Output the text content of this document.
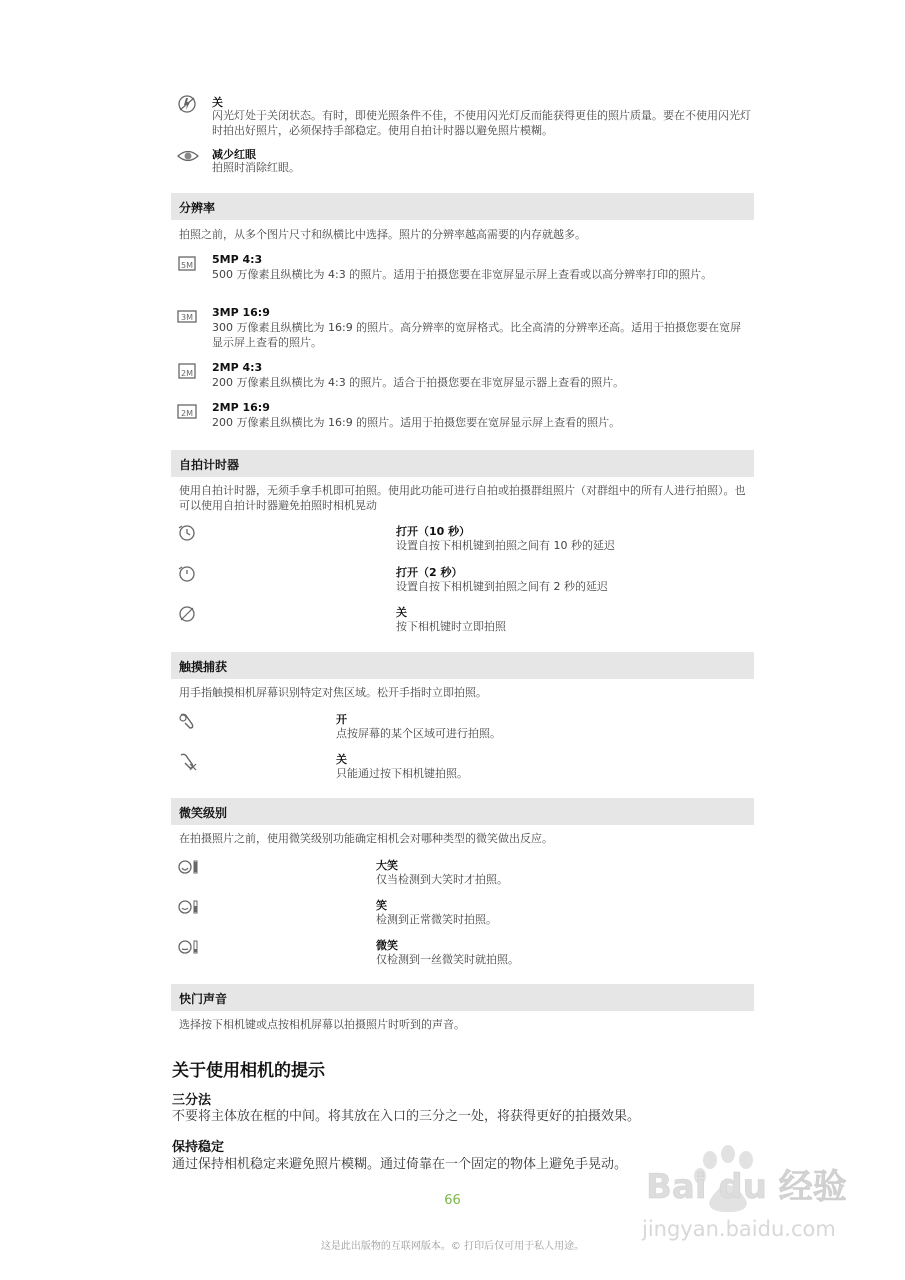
关
闪光灯处于关闭状态。有时，即使光照条件不佳，不使用闪光灯反而能获得更佳的照片质量。要在不使用闪光灯时拍出好照片，必须保持手部稳定。使用自拍计时器以避免照片模糊。
减少红眼
拍照时消除红眼。
分辨率
拍照之前，从多个图片尺寸和纵横比中选择。照片的分辨率越高需要的内存就越多。
5M 5MP 4:3
500 万像素且纵横比为 4:3 的照片。适用于拍摄您要在非宽屏显示屏上查看或以高分辨率打印的照片。
3M 3MP 16:9
300 万像素且纵横比为 16:9 的照片。高分辨率的宽屏格式。比全高清的分辨率还高。适用于拍摄您要在宽屏显示屏上查看的照片。
2M 2MP 4:3
200 万像素且纵横比为 4:3 的照片。适合于拍摄您要在非宽屏显示器上查看的照片。
2M 2MP 16:9
200 万像素且纵横比为 16:9 的照片。适用于拍摄您要在宽屏显示屏上查看的照片。
自拍计时器
使用自拍计时器，无须手拿手机即可拍照。使用此功能可进行自拍或拍摄群组照片（对群组中的所有人进行拍照）。也可以使用自拍计时器避免拍照时相机晃动
打开（10 秒）
设置自按下相机键到拍照之间有 10 秒的延迟
打开（2 秒）
设置自按下相机键到拍照之间有 2 秒的延迟
关
按下相机键时立即拍照
触摸捕获
用手指触摸相机屏幕识别特定对焦区域。松开手指时立即拍照。
开
点按屏幕的某个区域可进行拍照。
关
只能通过按下相机键拍照。
微笑级别
在拍摄照片之前，使用微笑级别功能确定相机会对哪种类型的微笑做出反应。
大笑
仅当检测到大笑时才拍照。
笑
检测到正常微笑时拍照。
微笑
仅检测到一丝微笑时就拍照。
快门声音
选择按下相机键或点按相机屏幕以拍摄照片时听到的声音。
关于使用相机的提示
三分法
不要将主体放在框的中间。将其放在入口的三分之一处，将获得更好的拍摄效果。
保持稳定
通过保持相机稳定来避免照片模糊。通过倚靠在一个固定的物体上避免手晃动。
66
这是此出版物的互联网版本。© 打印后仅可用于私人用途。
Bai du 经验
jingyan.baidu.com
